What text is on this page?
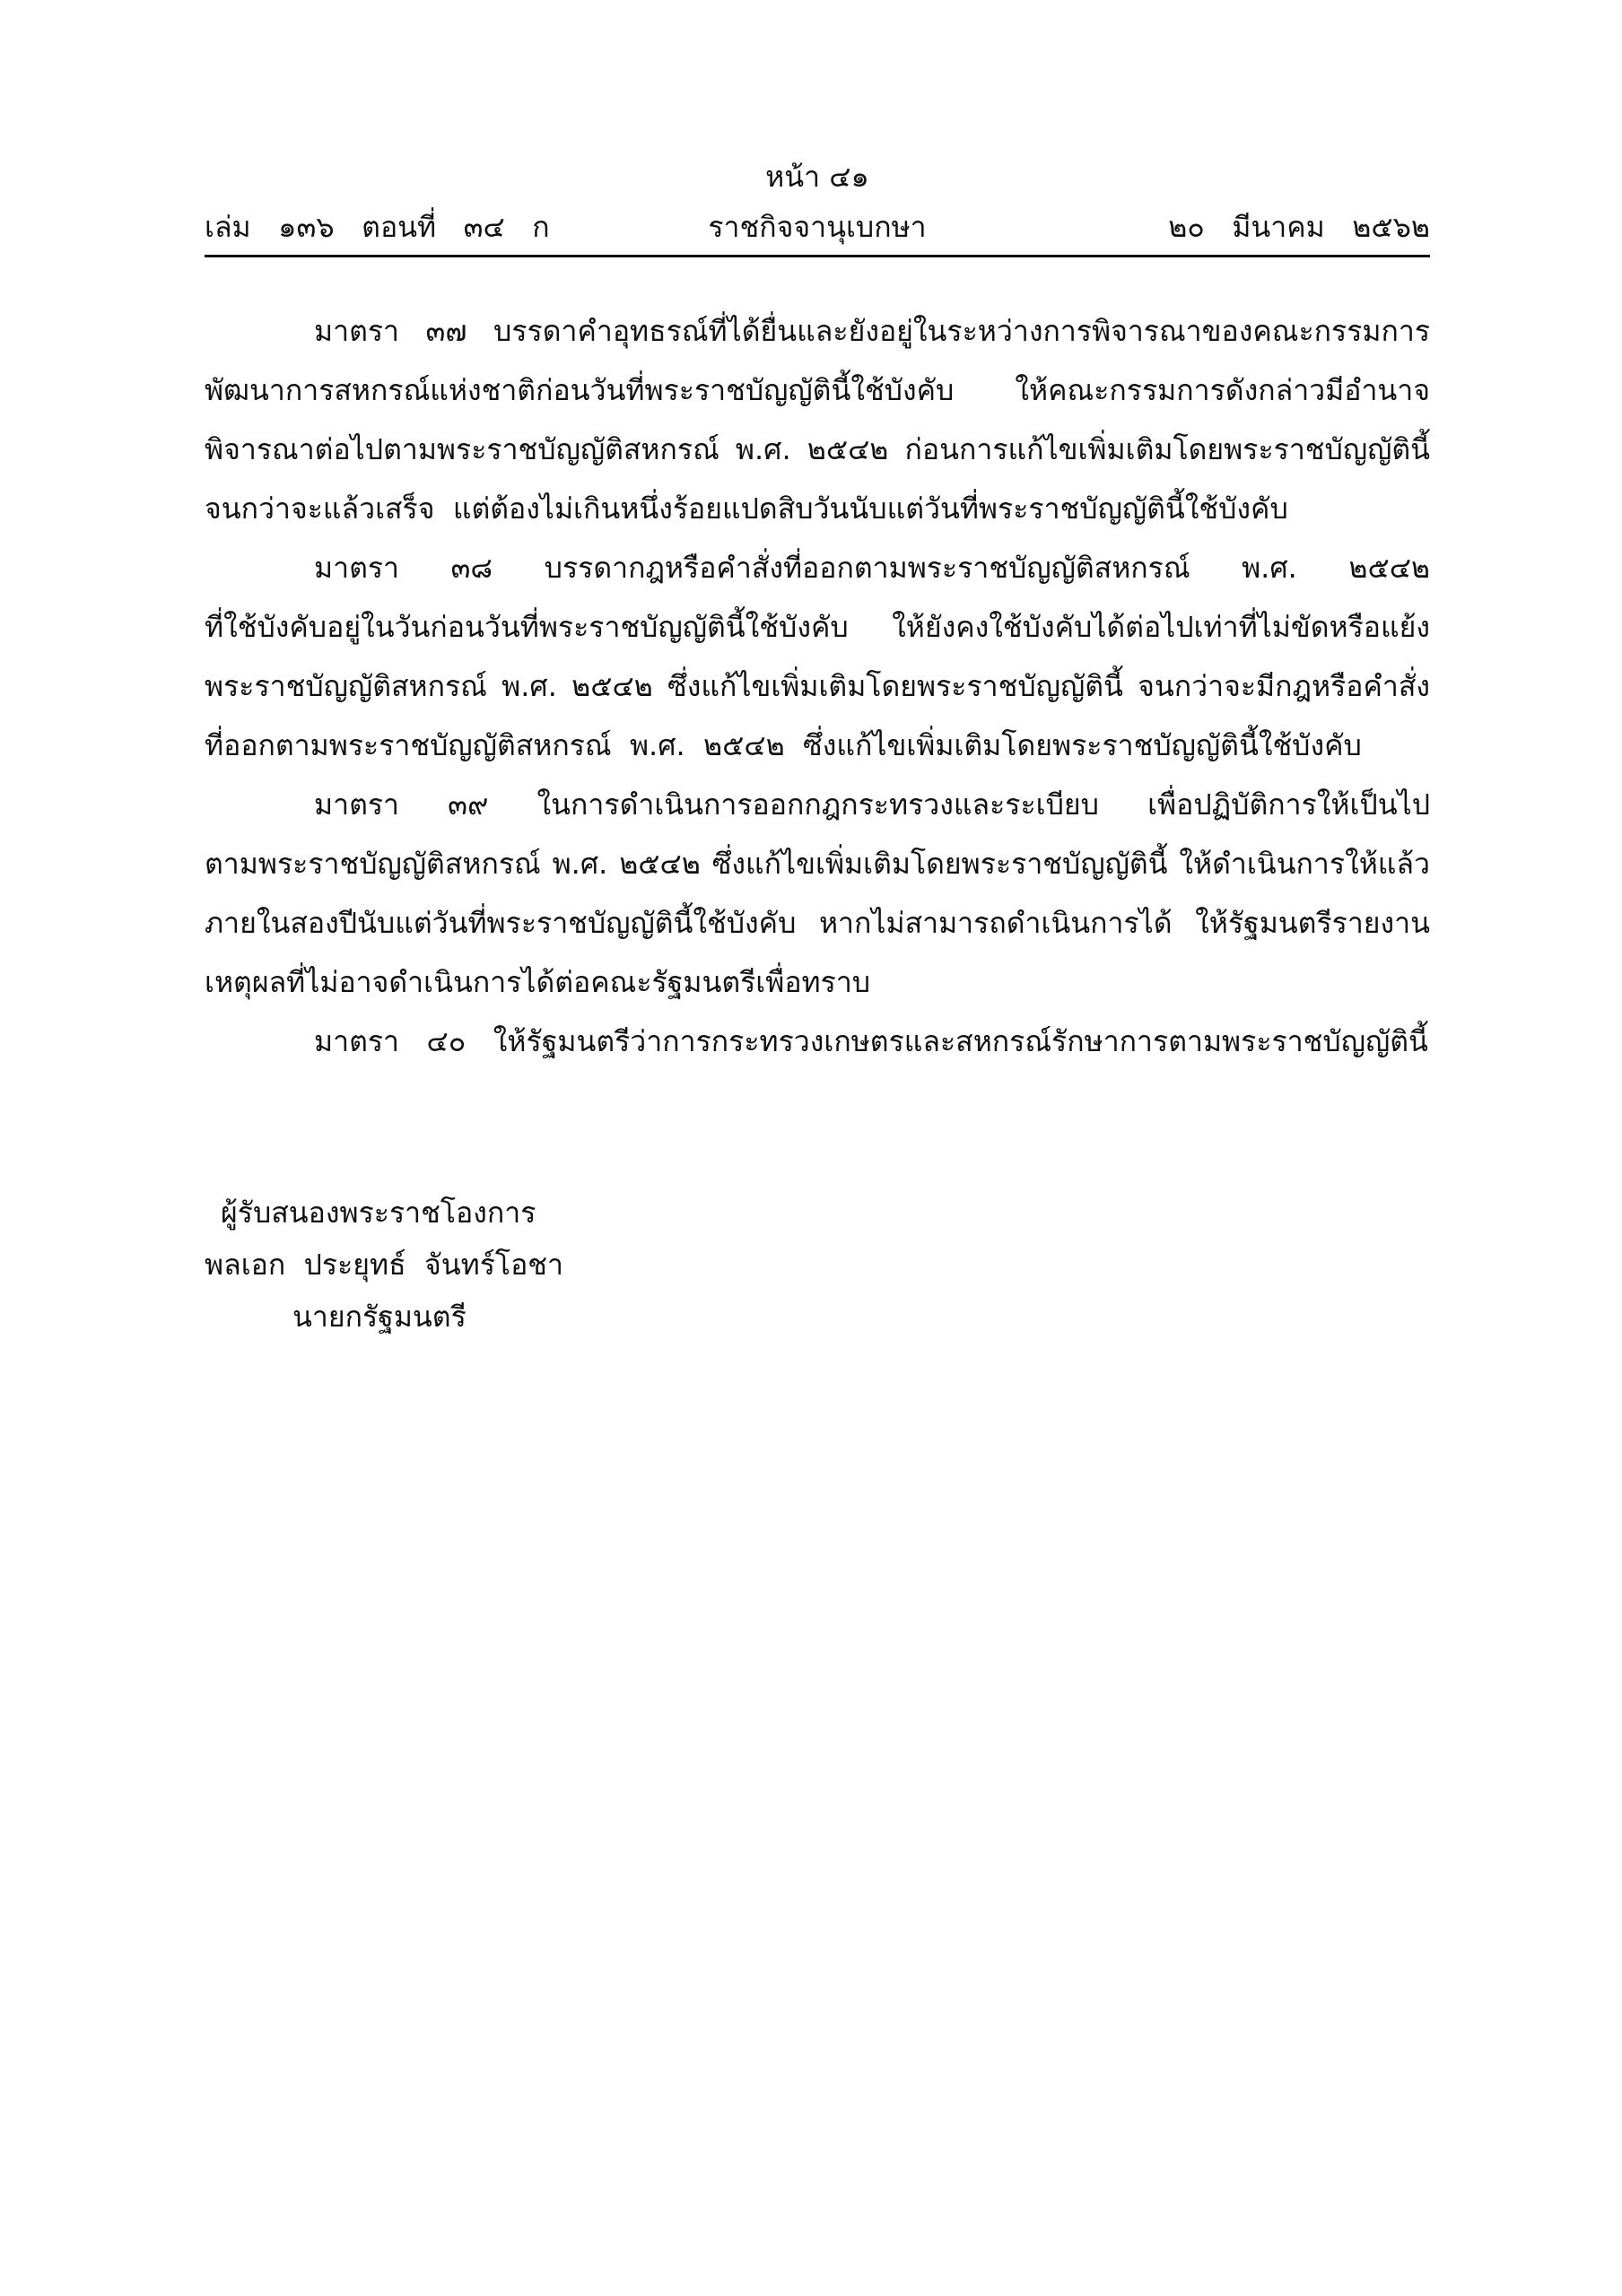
หน้า ๔๑
เล่ม   ๑๓๖   ตอนที่   ๓๔   ก	ราชกิจจานุเบกษา	๒๐   มีนาคม   ๒๕๖๒
มาตรา ๓๗ บรรดาคำอุทธรณ์ที่ได้ยื่นและยังอยู่ในระหว่างการพิจารณาของคณะกรรมการ
พัฒนาการสหกรณ์แห่งชาติก่อนวันที่พระราชบัญญัตินี้ใช้บังคับ ให้คณะกรรมการดังกล่าวมีอำนาจ
พิจารณาต่อไปตามพระราชบัญญัติสหกรณ์ พ.ศ. ๒๕๔๒ ก่อนการแก้ไขเพิ่มเติมโดยพระราชบัญญัตินี้
จนกว่าจะแล้วเสร็จ  แต่ต้องไม่เกินหนึ่งร้อยแปดสิบวันนับแต่วันที่พระราชบัญญัตินี้ใช้บังคับ
มาตรา ๓๘ บรรดากฎหรือคำสั่งที่ออกตามพระราชบัญญัติสหกรณ์ พ.ศ. ๒๕๔๒
ที่ใช้บังคับอยู่ในวันก่อนวันที่พระราชบัญญัตินี้ใช้บังคับ ให้ยังคงใช้บังคับได้ต่อไปเท่าที่ไม่ขัดหรือแย้ง
พระราชบัญญัติสหกรณ์ พ.ศ. ๒๕๔๒ ซึ่งแก้ไขเพิ่มเติมโดยพระราชบัญญัตินี้ จนกว่าจะมีกฎหรือคำสั่ง
ที่ออกตามพระราชบัญญัติสหกรณ์  พ.ศ.  ๒๕๔๒  ซึ่งแก้ไขเพิ่มเติมโดยพระราชบัญญัตินี้ใช้บังคับ
มาตรา ๓๙ ในการดำเนินการออกกฎกระทรวงและระเบียบ เพื่อปฏิบัติการให้เป็นไป
ตามพระราชบัญญัติสหกรณ์ พ.ศ. ๒๕๔๒ ซึ่งแก้ไขเพิ่มเติมโดยพระราชบัญญัตินี้ ให้ดำเนินการให้แล้ว
ภายในสองปีนับแต่วันที่พระราชบัญญัตินี้ใช้บังคับ หากไม่สามารถดำเนินการได้ ให้รัฐมนตรีรายงาน
เหตุผลที่ไม่อาจดำเนินการได้ต่อคณะรัฐมนตรีเพื่อทราบ
มาตรา   ๔๐   ให้รัฐมนตรีว่าการกระทรวงเกษตรและสหกรณ์รักษาการตามพระราชบัญญัตินี้
ผู้รับสนองพระราชโองการ
พลเอก  ประยุทธ์  จันทร์โอชา
นายกรัฐมนตรี
